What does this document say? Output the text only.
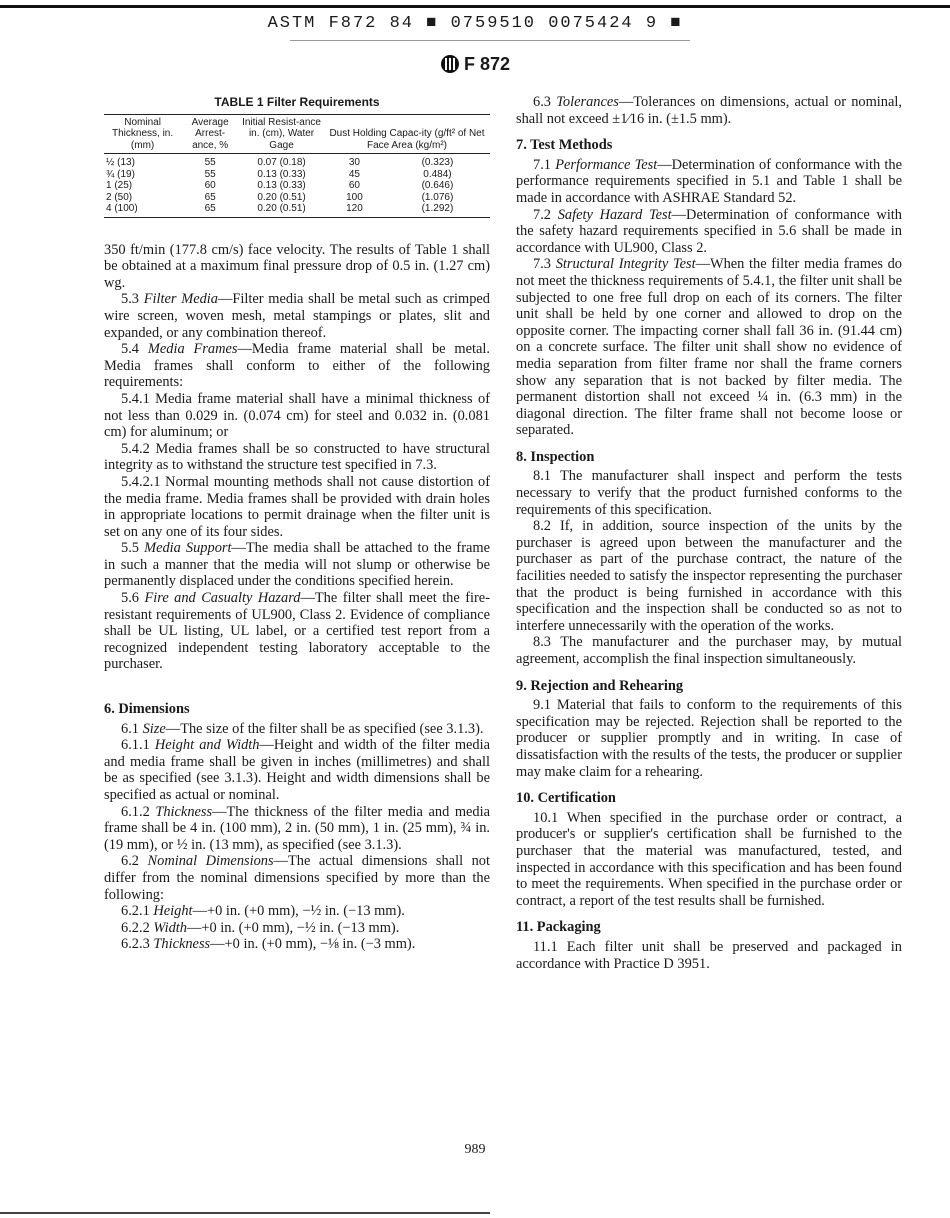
ASTM F872 84 ■ 0759510 0075424 9 ■
F 872
TABLE 1 Filter Requirements
Nominal Thickness, in. (mm)	Average Arrest-ance, %	Initial Resist-ance in. (cm), Water Gage	Dust Holding Capac-ity (g/ft² of Net Face Area (kg/m²)	
½ (13)	55	0.07 (0.18)	30	(0.323)
¾ (19)	55	0.13 (0.33)	45	0.484)
1 (25)	60	0.13 (0.33)	60	(0.646)
2 (50)	65	0.20 (0.51)	100	(1.076)
4 (100)	65	0.20 (0.51)	120	(1.292)

350 ft/min (177.8 cm/s) face velocity. The results of Table 1 shall be obtained at a maximum final pressure drop of 0.5 in. (1.27 cm) wg.

5.3 Filter Media—Filter media shall be metal such as crimped wire screen, woven mesh, metal stampings or plates, slit and expanded, or any combination thereof.

5.4 Media Frames—Media frame material shall be metal. Media frames shall conform to either of the following requirements:

5.4.1 Media frame material shall have a minimal thickness of not less than 0.029 in. (0.074 cm) for steel and 0.032 in. (0.081 cm) for aluminum; or

5.4.2 Media frames shall be so constructed to have structural integrity as to withstand the structure test specified in 7.3.

5.4.2.1 Normal mounting methods shall not cause distortion of the media frame. Media frames shall be provided with drain holes in appropriate locations to permit drainage when the filter unit is set on any one of its four sides.

5.5 Media Support—The media shall be attached to the frame in such a manner that the media will not slump or otherwise be permanently displaced under the conditions specified herein.

5.6 Fire and Casualty Hazard—The filter shall meet the fire-resistant requirements of UL900, Class 2. Evidence of compliance shall be UL listing, UL label, or a certified test report from a recognized independent testing laboratory acceptable to the purchaser.

6. Dimensions

6.1 Size—The size of the filter shall be as specified (see 3.1.3).

6.1.1 Height and Width—Height and width of the filter media and media frame shall be given in inches (millimetres) and shall be as specified (see 3.1.3). Height and width dimensions shall be specified as actual or nominal.

6.1.2 Thickness—The thickness of the filter media and media frame shall be 4 in. (100 mm), 2 in. (50 mm), 1 in. (25 mm), ¾ in. (19 mm), or ½ in. (13 mm), as specified (see 3.1.3).

6.2 Nominal Dimensions—The actual dimensions shall not differ from the nominal dimensions specified by more than the following:

6.2.1 Height—+0 in. (+0 mm), −½ in. (−13 mm).

6.2.2 Width—+0 in. (+0 mm), −½ in. (−13 mm).

6.2.3 Thickness—+0 in. (+0 mm), −⅛ in. (−3 mm).

6.3 Tolerances—Tolerances on dimensions, actual or nominal, shall not exceed ±1⁄16 in. (±1.5 mm).

7. Test Methods

7.1 Performance Test—Determination of conformance with the performance requirements specified in 5.1 and Table 1 shall be made in accordance with ASHRAE Standard 52.

7.2 Safety Hazard Test—Determination of conformance with the safety hazard requirements specified in 5.6 shall be made in accordance with UL900, Class 2.

7.3 Structural Integrity Test—When the filter media frames do not meet the thickness requirements of 5.4.1, the filter unit shall be subjected to one free full drop on each of its corners. The filter unit shall be held by one corner and allowed to drop on the opposite corner. The impacting corner shall fall 36 in. (91.44 cm) on a concrete surface. The filter unit shall show no evidence of media separation from filter frame nor shall the frame corners show any separation that is not backed by filter media. The permanent distortion shall not exceed ¼ in. (6.3 mm) in the diagonal direction. The filter frame shall not become loose or separated.

8. Inspection

8.1 The manufacturer shall inspect and perform the tests necessary to verify that the product furnished conforms to the requirements of this specification.

8.2 If, in addition, source inspection of the units by the purchaser is agreed upon between the manufacturer and the purchaser as part of the purchase contract, the nature of the facilities needed to satisfy the inspector representing the purchaser that the product is being furnished in accordance with this specification and the inspection shall be conducted so as not to interfere unnecessarily with the operation of the works.

8.3 The manufacturer and the purchaser may, by mutual agreement, accomplish the final inspection simultaneously.

9. Rejection and Rehearing

9.1 Material that fails to conform to the requirements of this specification may be rejected. Rejection shall be reported to the producer or supplier promptly and in writing. In case of dissatisfaction with the results of the tests, the producer or supplier may make claim for a rehearing.

10. Certification

10.1 When specified in the purchase order or contract, a producer's or supplier's certification shall be furnished to the purchaser that the material was manufactured, tested, and inspected in accordance with this specification and has been found to meet the requirements. When specified in the purchase order or contract, a report of the test results shall be furnished.

11. Packaging

11.1 Each filter unit shall be preserved and packaged in accordance with Practice D 3951.

989
